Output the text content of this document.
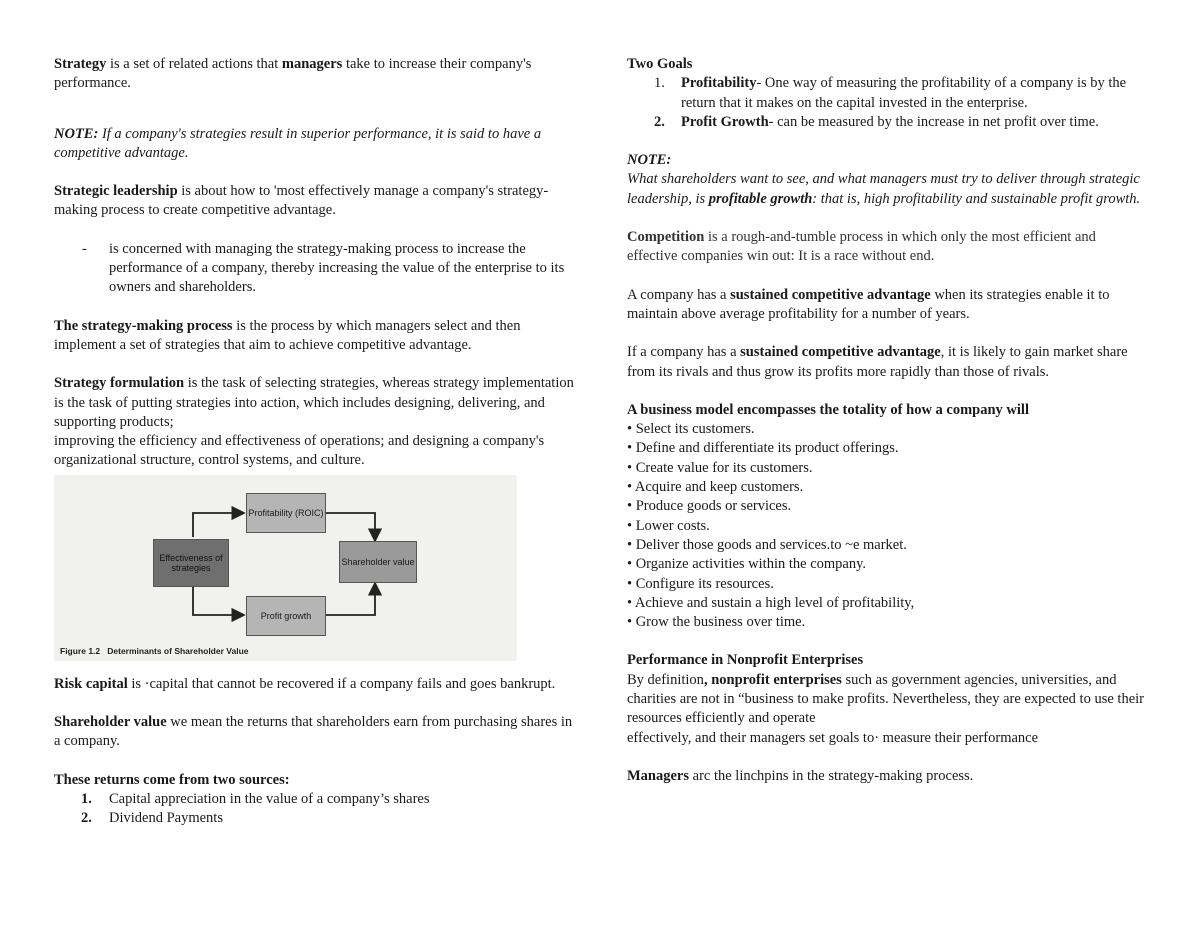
Strategy is a set of related actions that managers take to increase their company's performance.

NOTE: If a company's strategies result in superior performance, it is said to have a competitive advantage.

Strategic leadership is about how to 'most effectively manage a company's strategy-making process to create competitive advantage.

- is concerned with managing the strategy-making process to increase the performance of a company, thereby increasing the value of the enterprise to its owners and shareholders.

The strategy-making process is the process by which managers select and then implement a set of strategies that aim to achieve competitive advantage.

Strategy formulation is the task of selecting strategies, whereas strategy implementation is the task of putting strategies into action, which includes designing, delivering, and supporting products;
improving the efficiency and effectiveness of operations; and designing a company's organizational structure, control systems, and culture.

Effectiveness of strategies
Profitability (ROIC)
Profit growth
Shareholder value
Figure 1.2 Determinants of Shareholder Value

Risk capital is ·capital that cannot be recovered if a company fails and goes bankrupt.

Shareholder value we mean the returns that shareholders earn from purchasing shares in a company.

These returns come from two sources:

1. Capital appreciation in the value of a company’s shares

2. Dividend Payments

Two Goals

1. Profitability- One way of measuring the profitability of a company is by the return that it makes on the capital invested in the enterprise.

2. Profit Growth- can be measured by the increase in net profit over time.

NOTE:
What shareholders want to see, and what managers must try to deliver through strategic leadership, is profitable growth: that is, high profitability and sustainable profit growth.

Competition is a rough-and-tumble process in which only the most efficient and effective companies win out: It is a race without end.

A company has a sustained competitive advantage when its strategies enable it to maintain above average profitability for a number of years.

If a company has a sustained competitive advantage, it is likely to gain market share from its rivals and thus grow its profits more rapidly than those of rivals.

A business model encompasses the totality of how a company will

• Select its customers.

• Define and differentiate its product offerings.

• Create value for its customers.

• Acquire and keep customers.

• Produce goods or services.

• Lower costs.

• Deliver those goods and services.to ~e market.

• Organize activities within the company.

• Configure its resources.

• Achieve and sustain a high level of profitability,

• Grow the business over time.

Performance in Nonprofit Enterprises

By definition, nonprofit enterprises such as government agencies, universities, and charities are not in “business to make profits. Nevertheless, they are expected to use their resources efficiently and operate
effectively, and their managers set goals to· measure their performance

Managers arc the linchpins in the strategy-making process.
